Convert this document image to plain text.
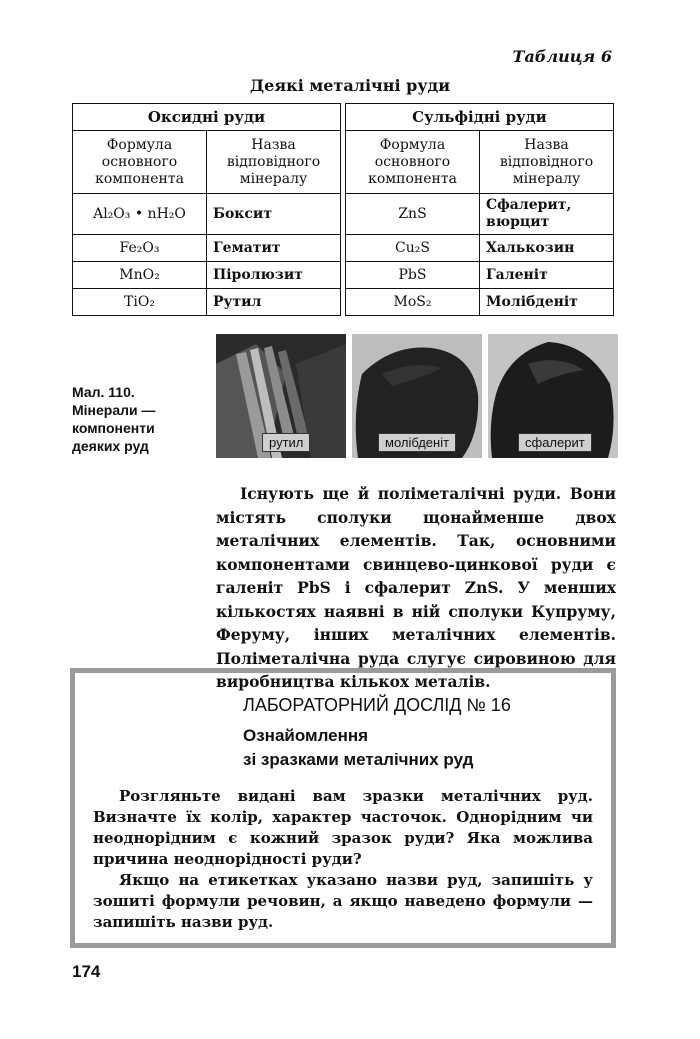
Таблиця 6
Деякі металічні руди
Оксидні руди	
Формула основного компонента	Назва відповідного мінералу
Al₂O₃ • nH₂O	Боксит
Fe₂O₃	Гематит
MnO₂	Піролюзит
TiO₂	Рутил
Сульфідні руди	
Формула основного компонента	Назва відповідного мінералу
ZnS	Сфалерит, вюрцит
Cu₂S	Халькозин
PbS	Галеніт
MoS₂	Молібденіт
Мал. 110. Мінерали — компоненти деяких руд	рутил	молібденіт	сфалерит

Існують ще й поліметалічні руди. Вони містять сполуки щонайменше двох металічних елементів. Так, основними компонентами свинцево-цинкової руди є галеніт PbS і сфалерит ZnS. У менших кількостях наявні в ній сполуки Купруму, Феруму, інших металічних елементів. Поліметалічна руда слугує сировиною для виробництва кількох металів.

ЛАБОРАТОРНИЙ ДОСЛІД № 16
Ознайомлення
зі зразками металічних руд

Розгляньте видані вам зразки металічних руд. Визначте їх колір, характер часточок. Однорідним чи неоднорідним є кожний зразок руди? Яка можлива причина неоднорідності руди?

Якщо на етикетках указано назви руд, запишіть у зошиті формули речовин, а якщо наведено формули — запишіть назви руд.

174
